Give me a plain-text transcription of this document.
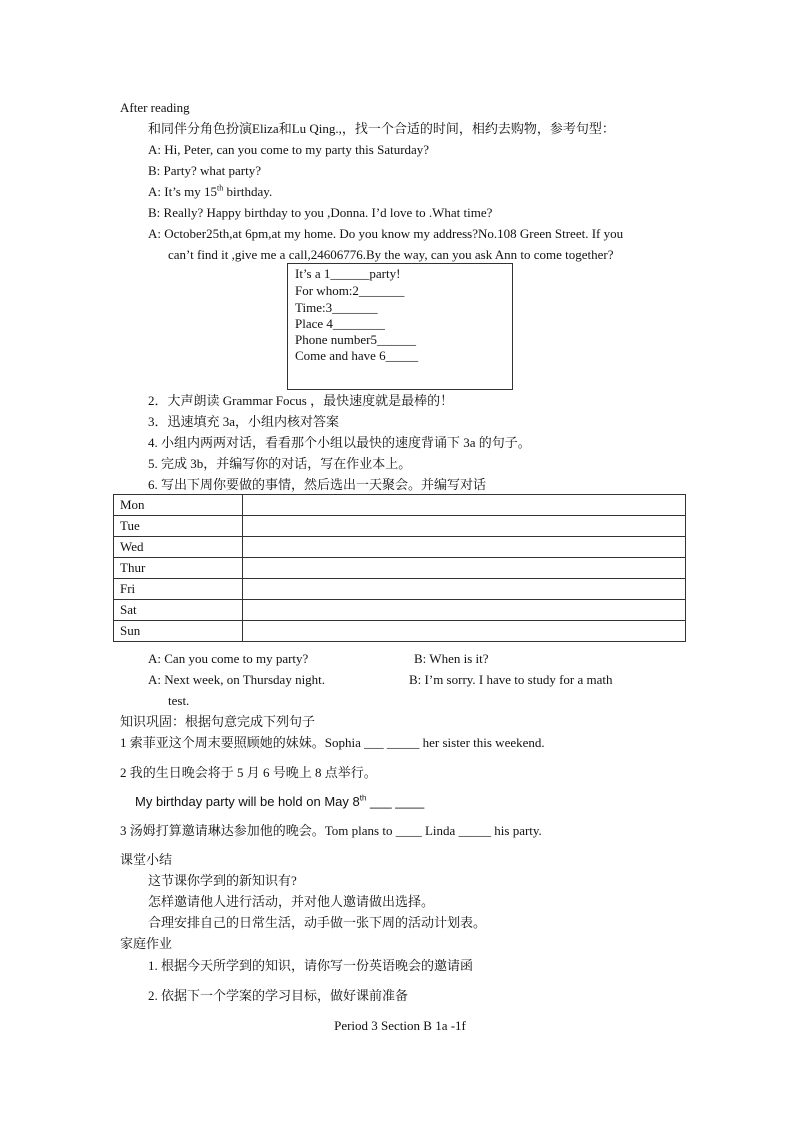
After reading
和同伴分角色扮演Eliza和Lu Qing.,，找一个合适的时间，相约去购物，参考句型：
A: Hi, Peter, can you come to my party this Saturday?
B: Party? what party?
A: It’s my 15th birthday.
B: Really? Happy birthday to you ,Donna. I’d love to .What time?
A: October25th,at 6pm,at my home. Do you know my address?No.108 Green Street. If you
can’t find it ,give me a call,24606776.By the way, can you ask Ann to come together?
It’s a 1______party!
For whom:2_______
Time:3_______
Place 4________
Phone number5______
Come and have 6_____
2．大声朗读 Grammar Focus ，最快速度就是最棒的！
3．迅速填充 3a，小组内核对答案
4. 小组内两两对话，看看那个小组以最快的速度背诵下 3a 的句子。
5. 完成 3b，并编写你的对话，写在作业本上。
6. 写出下周你要做的事情，然后选出一天聚会。并编写对话
Mon	
Tue	
Wed	
Thur	
Fri	
Sat	
Sun	
A: Can you come to my party?	B: When is it?
A: Next week, on Thursday night.	B: I’m sorry. I have to study for a math
test.
知识巩固：根据句意完成下列句子
1 索菲亚这个周末要照顾她的妹妹。Sophia ___ _____ her sister this weekend.
2 我的生日晚会将于 5 月 6 号晚上 8 点举行。
My birthday party will be hold on May 8th ___ ____
3 汤姆打算邀请琳达参加他的晚会。Tom plans to ____ Linda _____ his party.
课堂小结
这节课你学到的新知识有?
怎样邀请他人进行活动，并对他人邀请做出选择。
合理安排自己的日常生活，动手做一张下周的活动计划表。
家庭作业
1. 根据今天所学到的知识，请你写一份英语晚会的邀请函
2. 依据下一个学案的学习目标，做好课前准备
Period 3 Section B 1a -1f
